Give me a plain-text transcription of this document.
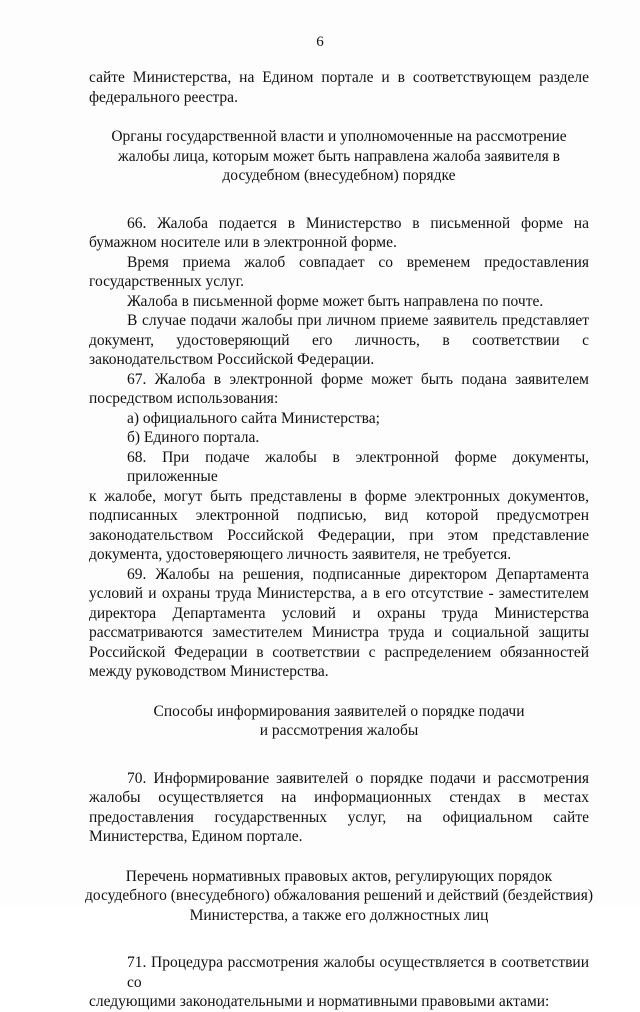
6

сайте Министерства, на Едином портале и в соответствующем разделе
федерального реестра.

Органы государственной власти и уполномоченные на рассмотрение
жалобы лица, которым может быть направлена жалоба заявителя в
досудебном (внесудебном) порядке

66. Жалоба подается в Министерство в письменной форме на
бумажном носителе или в электронной форме.

Время приема жалоб совпадает со временем предоставления
государственных услуг.

Жалоба в письменной форме может быть направлена по почте.

В случае подачи жалобы при личном приеме заявитель представляет
документ, удостоверяющий его личность, в соответствии с
законодательством Российской Федерации.

67. Жалоба в электронной форме может быть подана заявителем
посредством использования:

а) официального сайта Министерства;

б) Единого портала.

68. При подаче жалобы в электронной форме документы, приложенные
к жалобе, могут быть представлены в форме электронных документов,
подписанных электронной подписью, вид которой предусмотрен
законодательством Российской Федерации, при этом представление
документа, удостоверяющего личность заявителя, не требуется.

69. Жалобы на решения, подписанные директором Департамента
условий и охраны труда Министерства, а в его отсутствие - заместителем
директора Департамента условий и охраны труда Министерства
рассматриваются заместителем Министра труда и социальной защиты
Российской Федерации в соответствии с распределением обязанностей
между руководством Министерства.

Способы информирования заявителей о порядке подачи
и рассмотрения жалобы

70. Информирование заявителей о порядке подачи и рассмотрения
жалобы осуществляется на информационных стендах в местах
предоставления государственных услуг, на официальном сайте
Министерства, Едином портале.

Перечень нормативных правовых актов, регулирующих порядок
досудебного (внесудебного) обжалования решений и действий (бездействия)
Министерства, а также его должностных лиц

71. Процедура рассмотрения жалобы осуществляется в соответствии со
следующими законодательными и нормативными правовыми актами:
